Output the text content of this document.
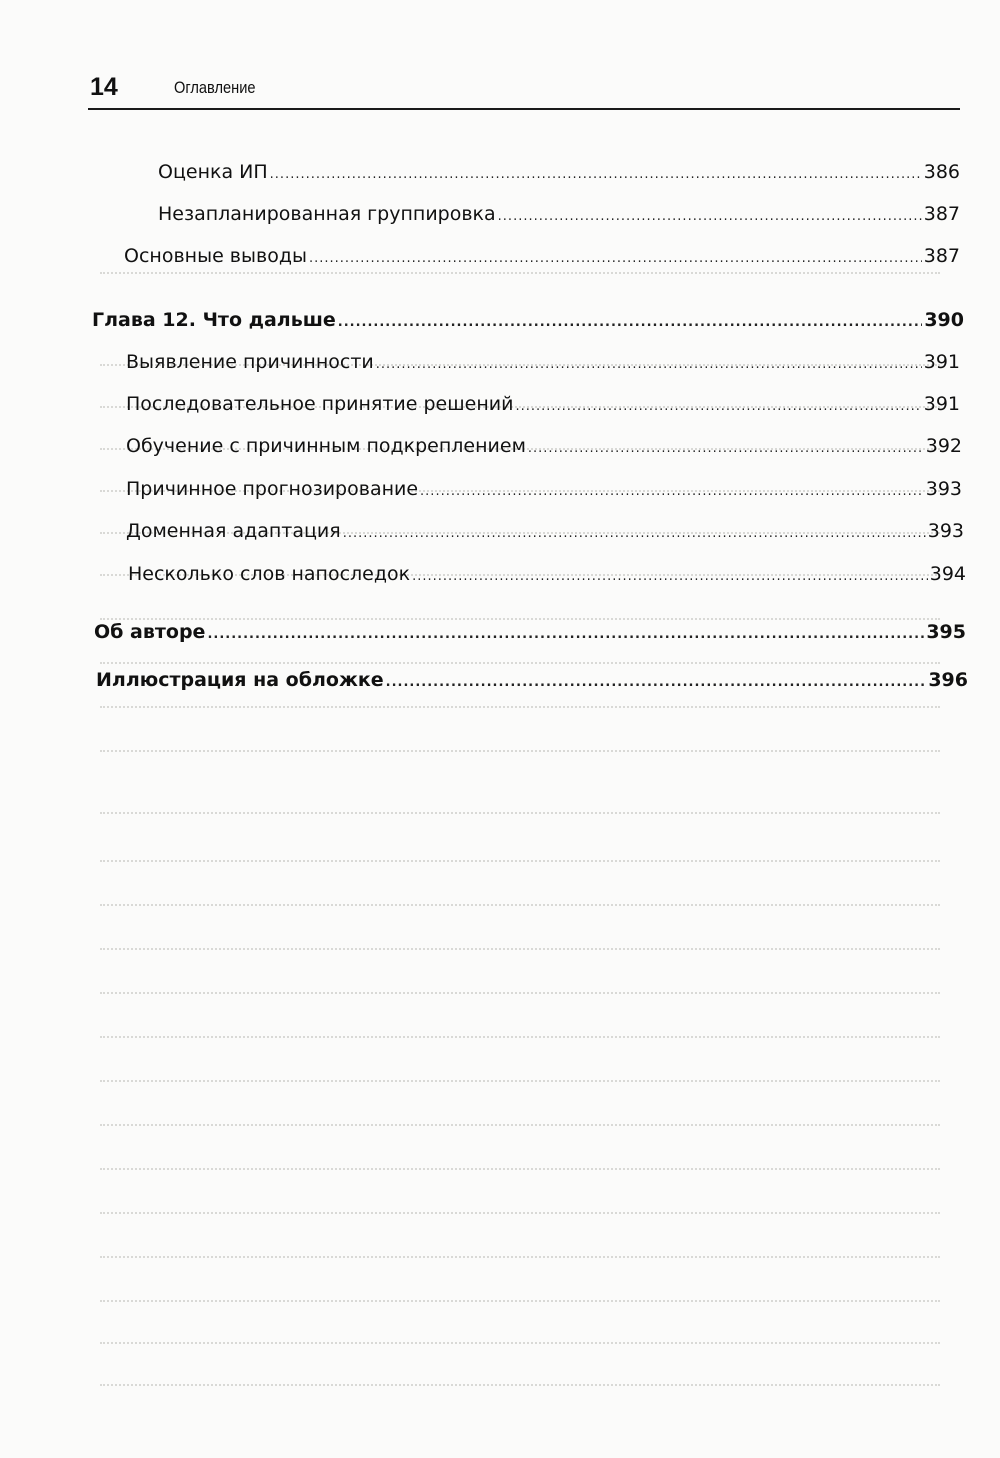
14	Оглавление
Оценка ИП .....	386
Незапланированная группировка .....	387
Основные выводы .....	387
Глава 12. Что дальше .....	390
Выявление причинности .....	391
Последовательное принятие решений .....	391
Обучение с причинным подкреплением .....	392
Причинное прогнозирование .....	393
Доменная адаптация .....	393
Несколько слов напоследок .....	394
Об авторе .....	395
Иллюстрация на обложке .....	396
